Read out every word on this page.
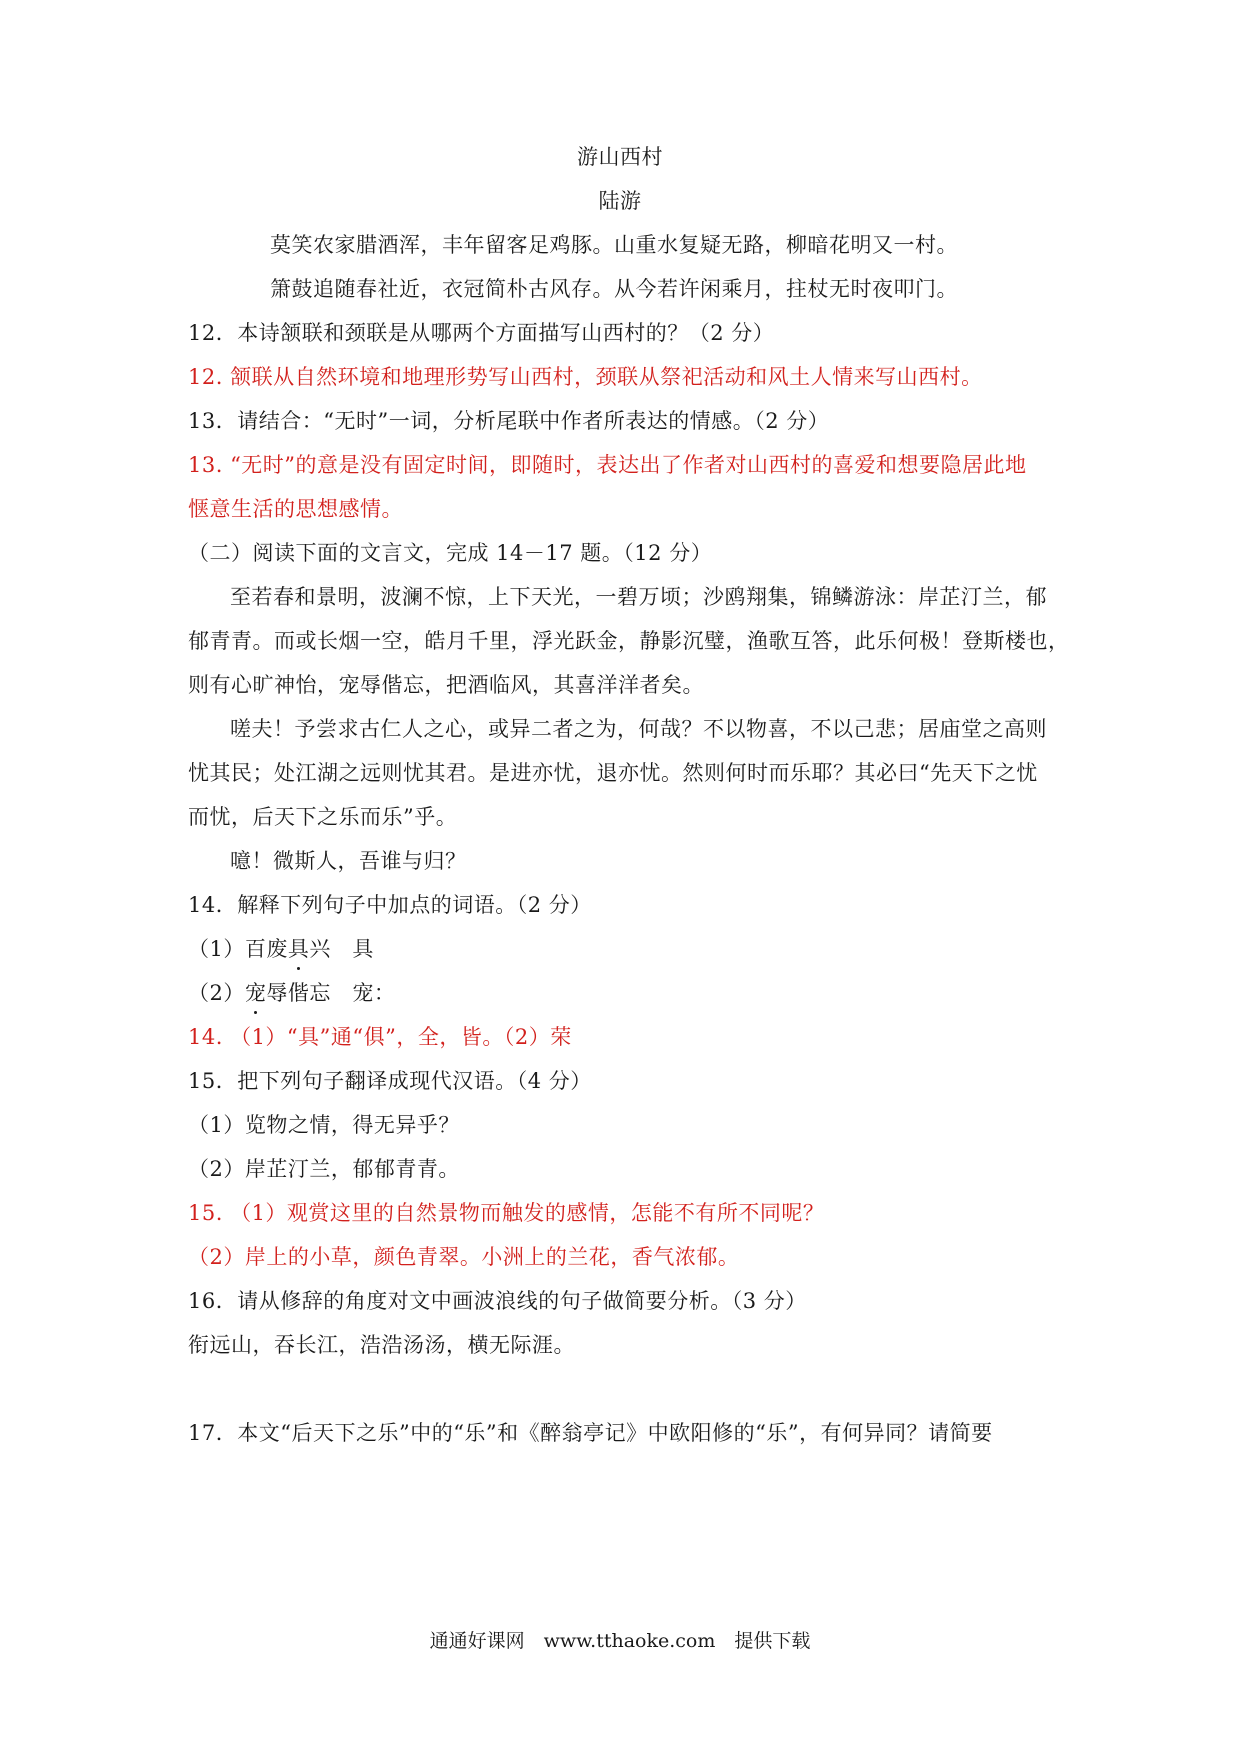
游山西村
陆游
莫笑农家腊酒浑，丰年留客足鸡豚。山重水复疑无路，柳暗花明又一村。
箫鼓追随春社近，衣冠简朴古风存。从今若许闲乘月，拄杖无时夜叩门。
12．本诗颔联和颈联是从哪两个方面描写山西村的？（2 分）
12. 颔联从自然环境和地理形势写山西村，颈联从祭祀活动和风土人情来写山西村。
13．请结合：“无时”一词，分析尾联中作者所表达的情感。（2 分）
13. “无时”的意是没有固定时间，即随时，表达出了作者对山西村的喜爱和想要隐居此地
惬意生活的思想感情。
（二）阅读下面的文言文，完成 14－17 题。（12 分）
至若春和景明，波澜不惊，上下天光，一碧万顷；沙鸥翔集，锦鳞游泳：岸芷汀兰，郁
郁青青。而或长烟一空，皓月千里，浮光跃金，静影沉璧，渔歌互答，此乐何极！登斯楼也，
则有心旷神怡，宠辱偕忘，把酒临风，其喜洋洋者矣。
嗟夫！予尝求古仁人之心，或异二者之为，何哉？不以物喜，不以己悲；居庙堂之高则
忧其民；处江湖之远则忧其君。是进亦忧，退亦忧。然则何时而乐耶？其必曰“先天下之忧
而忧，后天下之乐而乐”乎。
噫！微斯人，吾谁与归？
14．解释下列句子中加点的词语。（2 分）
（1）百废具兴　具
（2）宠辱偕忘　宠：
14. （1）“具”通“俱”，全，皆。（2）荣
15．把下列句子翻译成现代汉语。（4 分）
（1）览物之情，得无异乎？
（2）岸芷汀兰，郁郁青青。
15. （1）观赏这里的自然景物而触发的感情，怎能不有所不同呢？
（2）岸上的小草，颜色青翠。小洲上的兰花，香气浓郁。
16．请从修辞的角度对文中画波浪线的句子做简要分析。（3 分）
衔远山，吞长江，浩浩汤汤，横无际涯。
17．本文“后天下之乐”中的“乐”和《醉翁亭记》中欧阳修的“乐”，有何异同？请简要
通通好课网　www.tthaoke.com　提供下载
